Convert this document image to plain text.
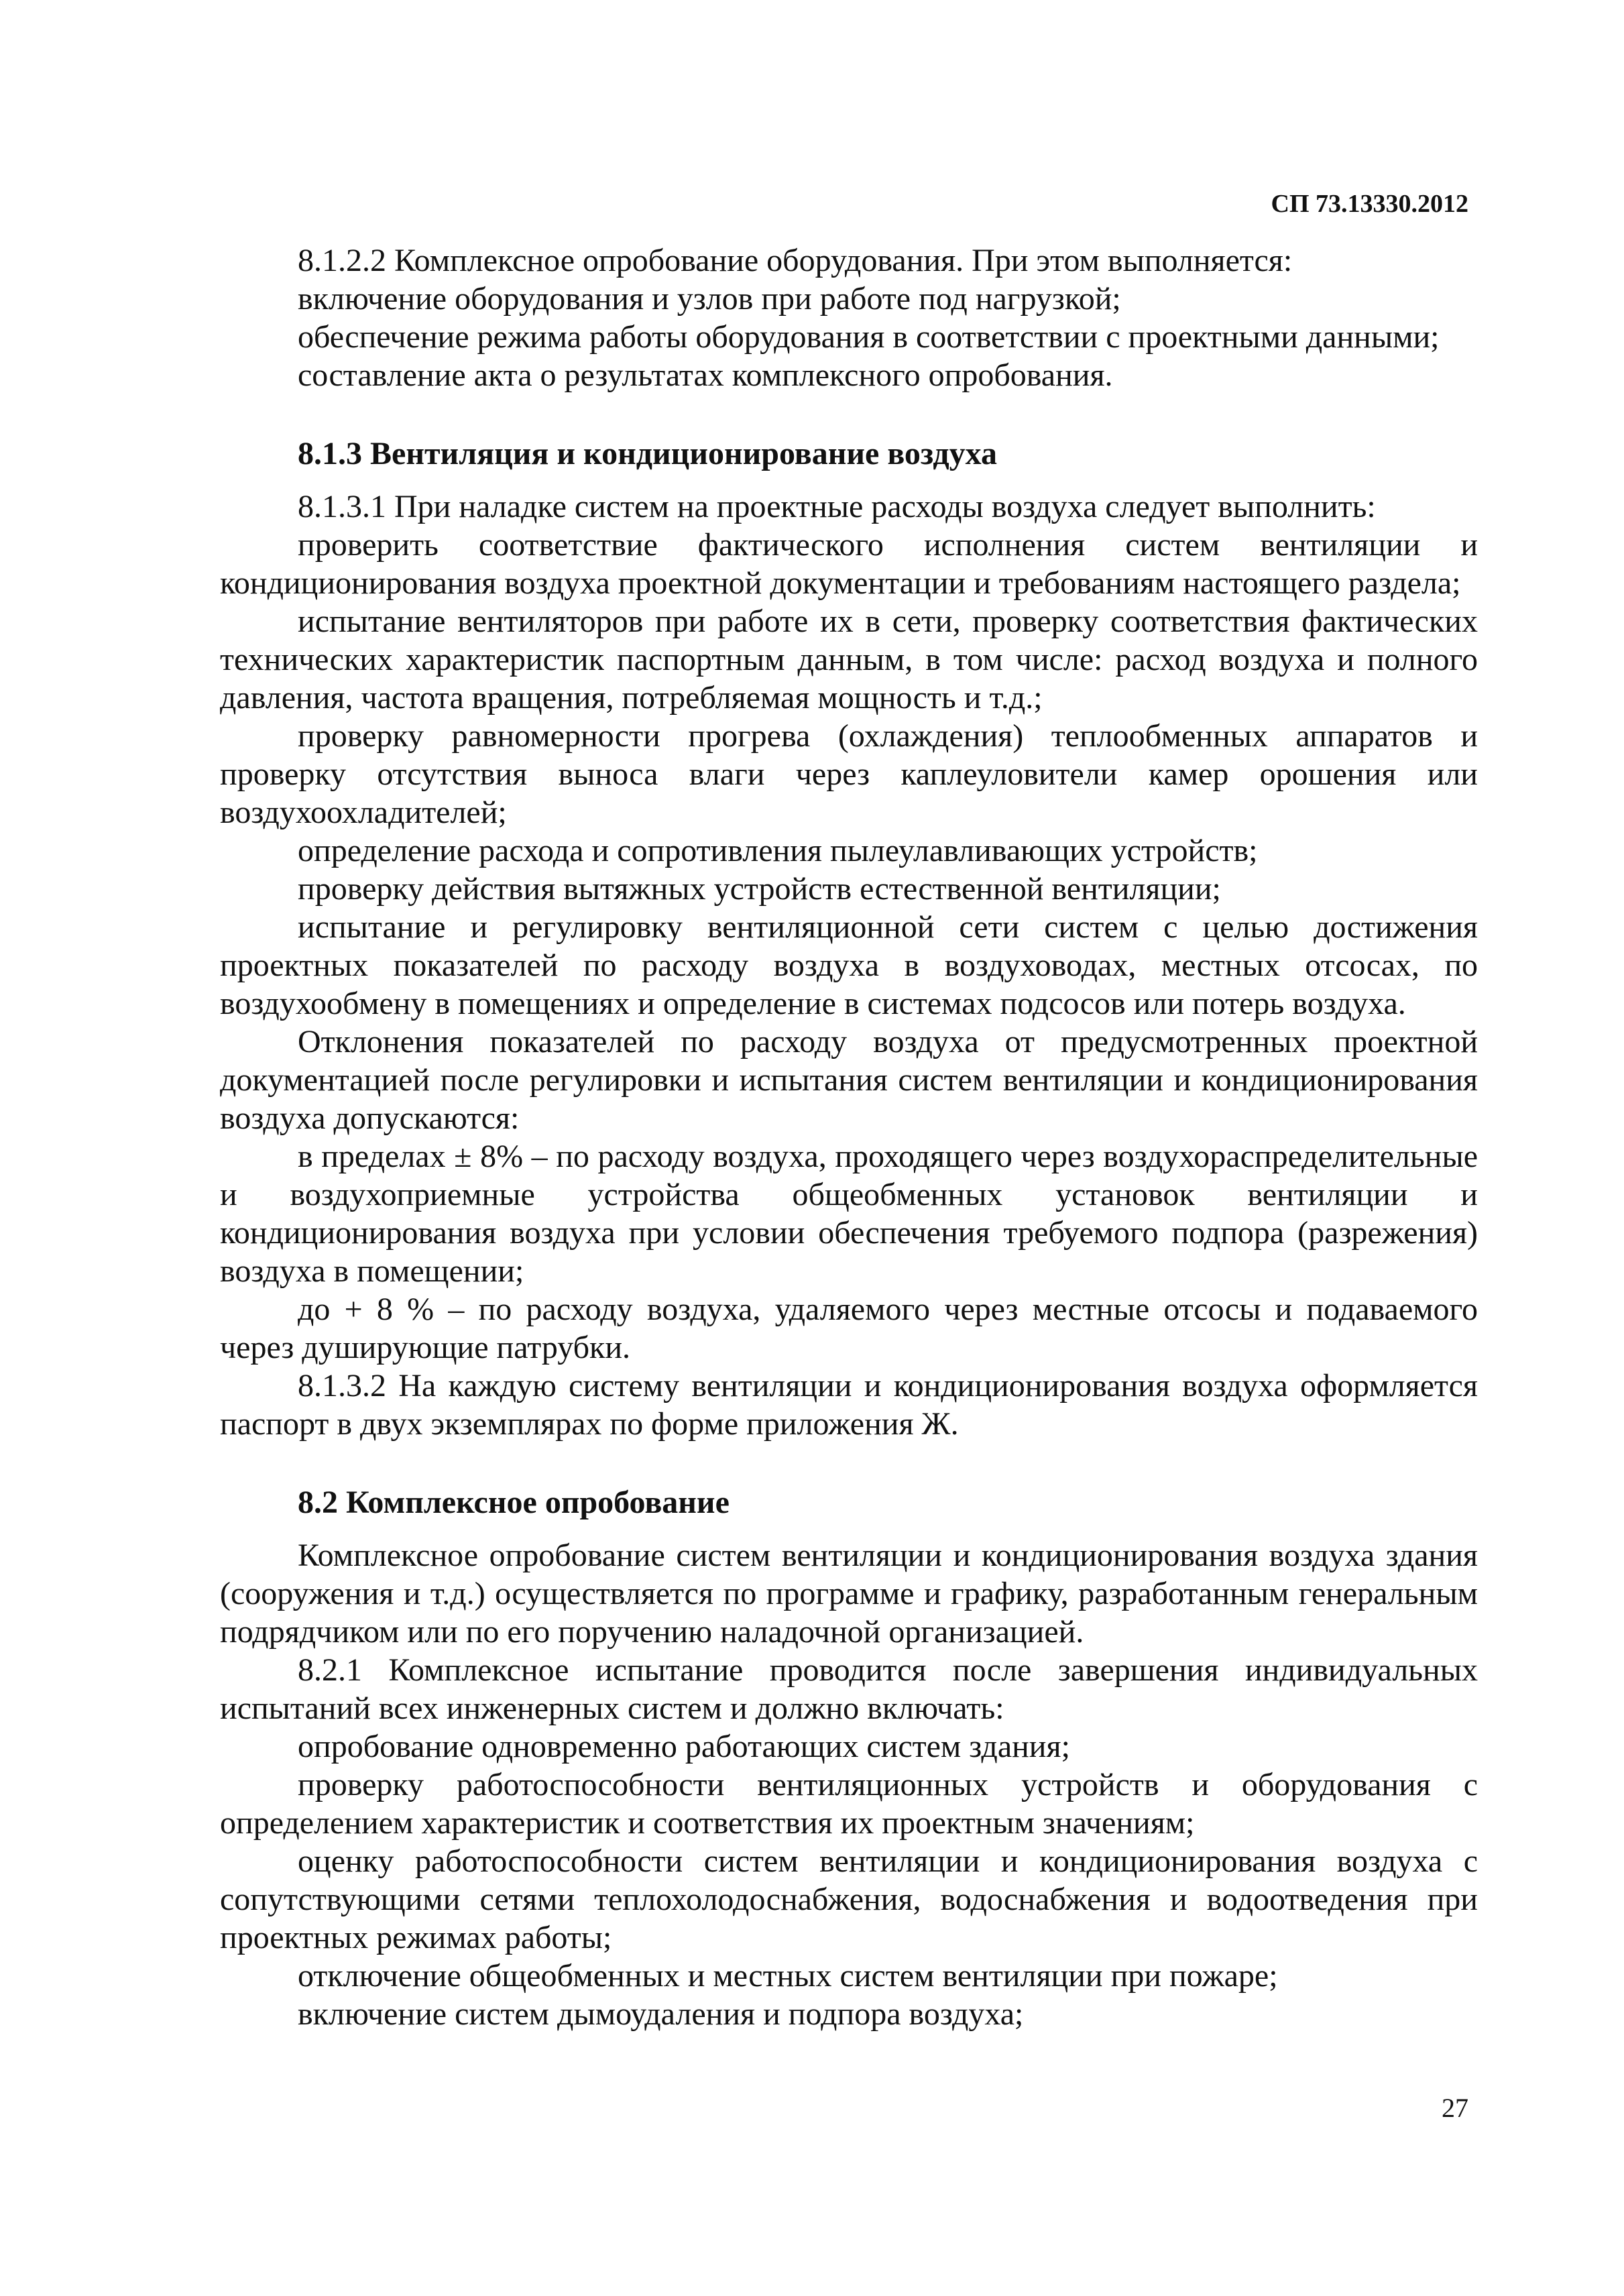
СП 73.13330.2012

8.1.2.2 Комплексное опробование оборудования. При этом выполняется:

включение оборудования и узлов при работе под нагрузкой;

обеспечение режима работы оборудования в соответствии с проектными данными;

составление акта о результатах комплексного опробования.

8.1.3 Вентиляция и кондиционирование воздуха

8.1.3.1 При наладке систем на проектные расходы воздуха следует выполнить:

проверить соответствие фактического исполнения систем вентиляции и кондиционирования воздуха проектной документации и требованиям настоящего раздела;

испытание вентиляторов при работе их в сети, проверку соответствия фактических технических характеристик паспортным данным, в том числе: расход воздуха и полного давления, частота вращения, потребляемая мощность и т.д.;

проверку равномерности прогрева (охлаждения) теплообменных аппаратов и проверку отсутствия выноса влаги через каплеуловители камер орошения или воздухоохладителей;

определение расхода и сопротивления пылеулавливающих устройств;

проверку действия вытяжных устройств естественной вентиляции;

испытание и регулировку вентиляционной сети систем с целью достижения проектных показателей по расходу воздуха в воздуховодах, местных отсосах, по воздухообмену в помещениях и определение в системах подсосов или потерь воздуха.

Отклонения показателей по расходу воздуха от предусмотренных проектной документацией после регулировки и испытания систем вентиляции и кондиционирования воздуха допускаются:

в пределах ± 8% – по расходу воздуха, проходящего через воздухораспределительные и воздухоприемные устройства общеобменных установок вентиляции и кондиционирования воздуха при условии обеспечения требуемого подпора (разрежения) воздуха в помещении;

до + 8 % – по расходу воздуха, удаляемого через местные отсосы и подаваемого через душирующие патрубки.

8.1.3.2 На каждую систему вентиляции и кондиционирования воздуха оформляется паспорт в двух экземплярах по форме приложения Ж.

8.2 Комплексное опробование

Комплексное опробование систем вентиляции и кондиционирования воздуха здания (сооружения и т.д.) осуществляется по программе и графику, разработанным генеральным подрядчиком или по его поручению наладочной организацией.

8.2.1 Комплексное испытание проводится после завершения индивидуальных испытаний всех инженерных систем и должно включать:

опробование одновременно работающих систем здания;

проверку работоспособности вентиляционных устройств и оборудования с определением характеристик и соответствия их проектным значениям;

оценку работоспособности систем вентиляции и кондиционирования воздуха с сопутствующими сетями теплохолодоснабжения, водоснабжения и водоотведения при проектных режимах работы;

отключение общеобменных и местных систем вентиляции при пожаре;

включение систем дымоудаления и подпора воздуха;

27
